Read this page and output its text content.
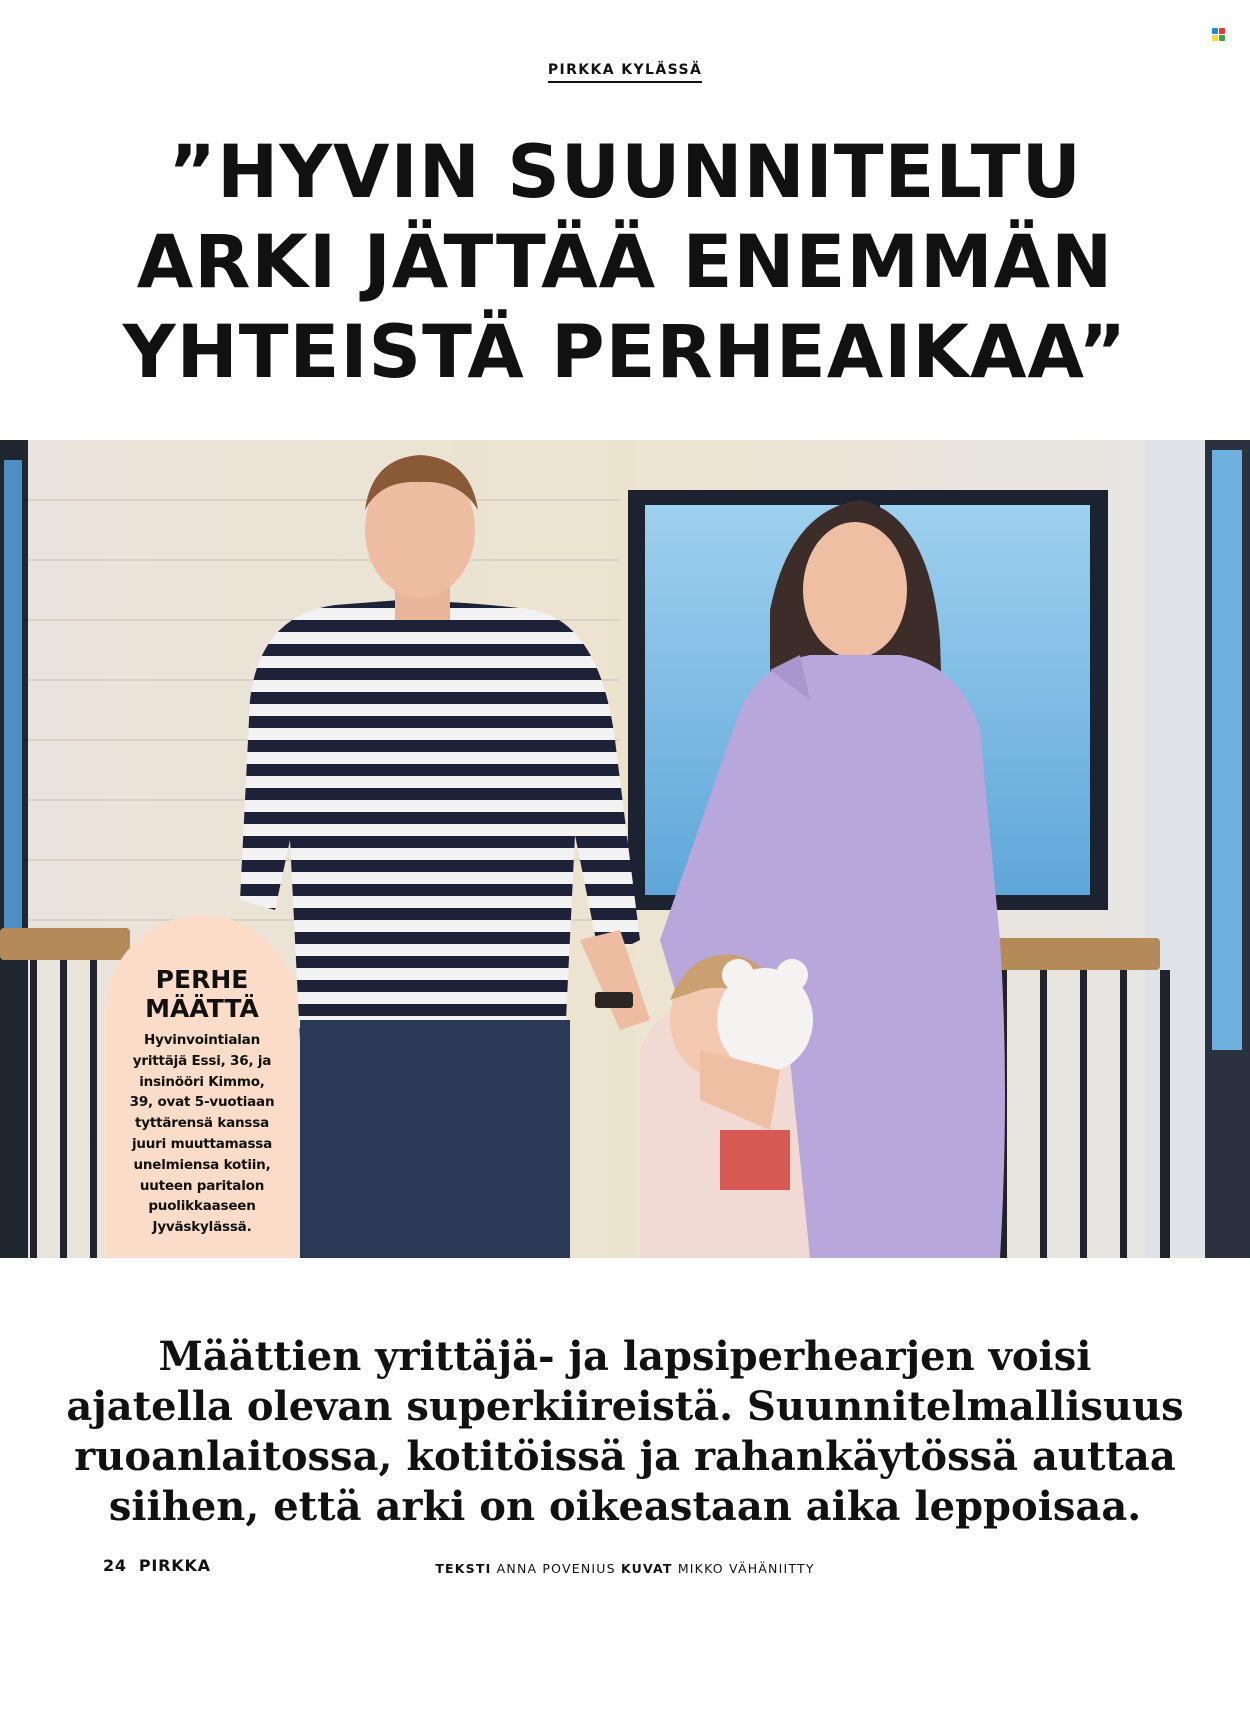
PIRKKA KYLÄSSÄ
”HYVIN SUUNNITELTU
ARKI JÄTTÄÄ ENEMMÄN
YHTEISTÄ PERHEAIKAA”
PERHE
MÄÄTTÄ
Hyvinvointialan
yrittäjä Essi, 36, ja
insinööri Kimmo,
39, ovat 5-vuotiaan
tyttärensä kanssa
juuri muuttamassa
unelmiensa kotiin,
uuteen paritalon
puolikkaaseen
Jyväskylässä.
Määttien yrittäjä- ja lapsiperhearjen voisi
ajatella olevan superkiireistä. Suunnitelmallisuus
ruoanlaitossa, kotitöissä ja rahankäytössä auttaa
siihen, että arki on oikeastaan aika leppoisaa.
TEKSTI ANNA POVENIUS KUVAT MIKKO VÄHÄNIITTY
24 PIRKKA
